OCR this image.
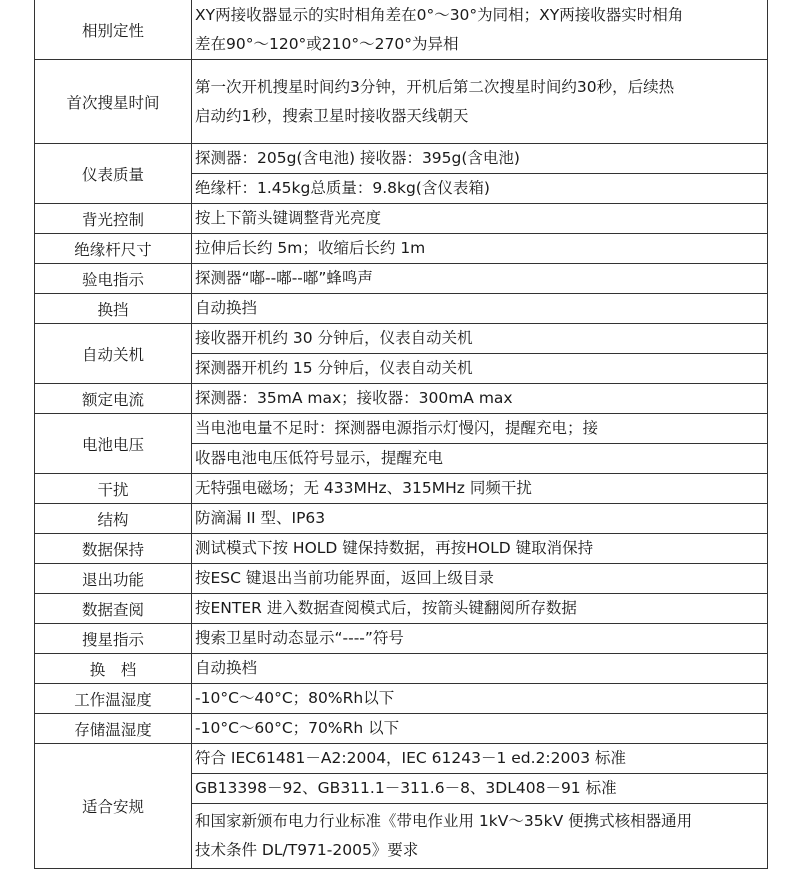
相别定性	XY两接收器显示的实时相角差在0°～30°为同相；XY两接收器实时相角
差在90°～120°或210°～270°为异相

首次搜星时间	第一次开机搜星时间约3分钟，开机后第二次搜星时间约30秒，后续热
启动约1秒，搜索卫星时接收器天线朝天

仪表质量	探测器：205g(含电池) 接收器：395g(含电池)

	绝缘杆：1.45kg总质量：9.8kg(含仪表箱)

背光控制	按上下箭头键调整背光亮度

绝缘杆尺寸	拉伸后长约 5m；收缩后长约 1m

验电指示	探测器“嘟--嘟--嘟”蜂鸣声

换挡	自动换挡

自动关机	接收器开机约 30 分钟后，仪表自动关机

	探测器开机约 15 分钟后，仪表自动关机

额定电流	探测器：35mA max；接收器：300mA max

电池电压	当电池电量不足时：探测器电源指示灯慢闪，提醒充电；接

	收器电池电压低符号显示，提醒充电

干扰	无特强电磁场；无 433MHz、315MHz 同频干扰

结构	防滴漏 II 型、IP63

数据保持	测试模式下按 HOLD 键保持数据，再按HOLD 键取消保持

退出功能	按ESC 键退出当前功能界面，返回上级目录

数据查阅	按ENTER 进入数据查阅模式后，按箭头键翻阅所存数据

搜星指示	搜索卫星时动态显示“----”符号

换　档	自动换档

工作温湿度	-10°C～40°C；80%Rh以下

存储温湿度	-10°C～60°C；70%Rh 以下

适合安规	符合 IEC61481－A2:2004，IEC 61243－1 ed.2:2003 标准

	GB13398－92、GB311.1－311.6－8、3DL408－91 标准

	和国家新颁布电力行业标准《带电作业用 1kV～35kV 便携式核相器通用
技术条件 DL/T971-2005》要求
